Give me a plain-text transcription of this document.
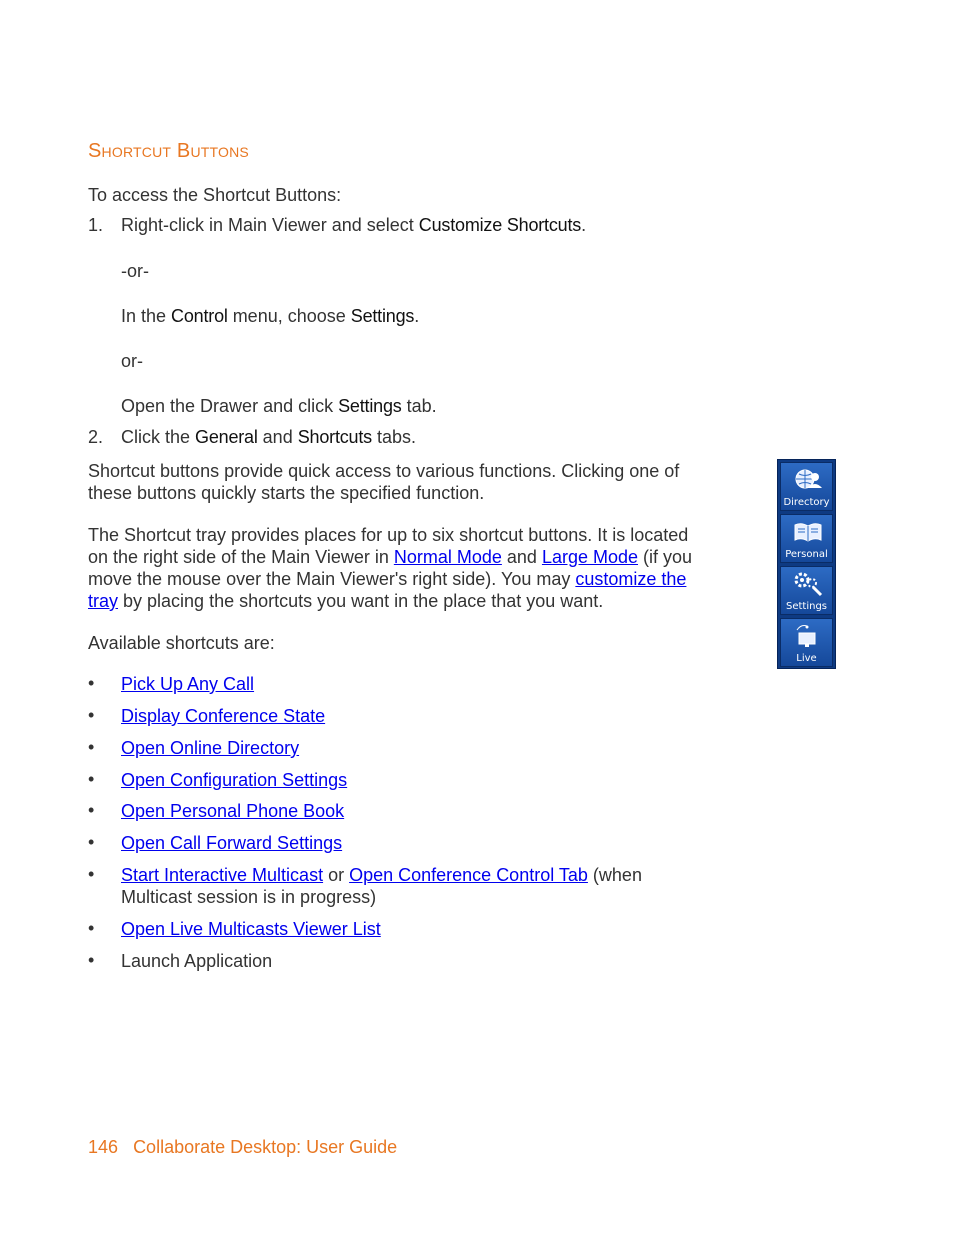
Shortcut Buttons

To access the Shortcut Buttons:

1. Right-click in Main Viewer and select Customize Shortcuts.

-or-

In the Control menu, choose Settings.

or-

Open the Drawer and click Settings tab.

2. Click the General and Shortcuts tabs.

Shortcut buttons provide quick access to various functions. Clicking one of

these buttons quickly starts the specified function.

The Shortcut tray provides places for up to six shortcut buttons. It is located

on the right side of the Main Viewer in Normal Mode and Large Mode (if you

move the mouse over the Main Viewer's right side). You may customize the

tray by placing the shortcuts you want in the place that you want.

Available shortcuts are:

• Pick Up Any Call
• Display Conference State
• Open Online Directory
• Open Configuration Settings
• Open Personal Phone Book
• Open Call Forward Settings
• Start Interactive Multicast or Open Conference Control Tab (when
Multicast session is in progress)
• Open Live Multicasts Viewer List
• Launch Application
Directory
Personal
Settings
Live
146 Collaborate Desktop: User Guide
